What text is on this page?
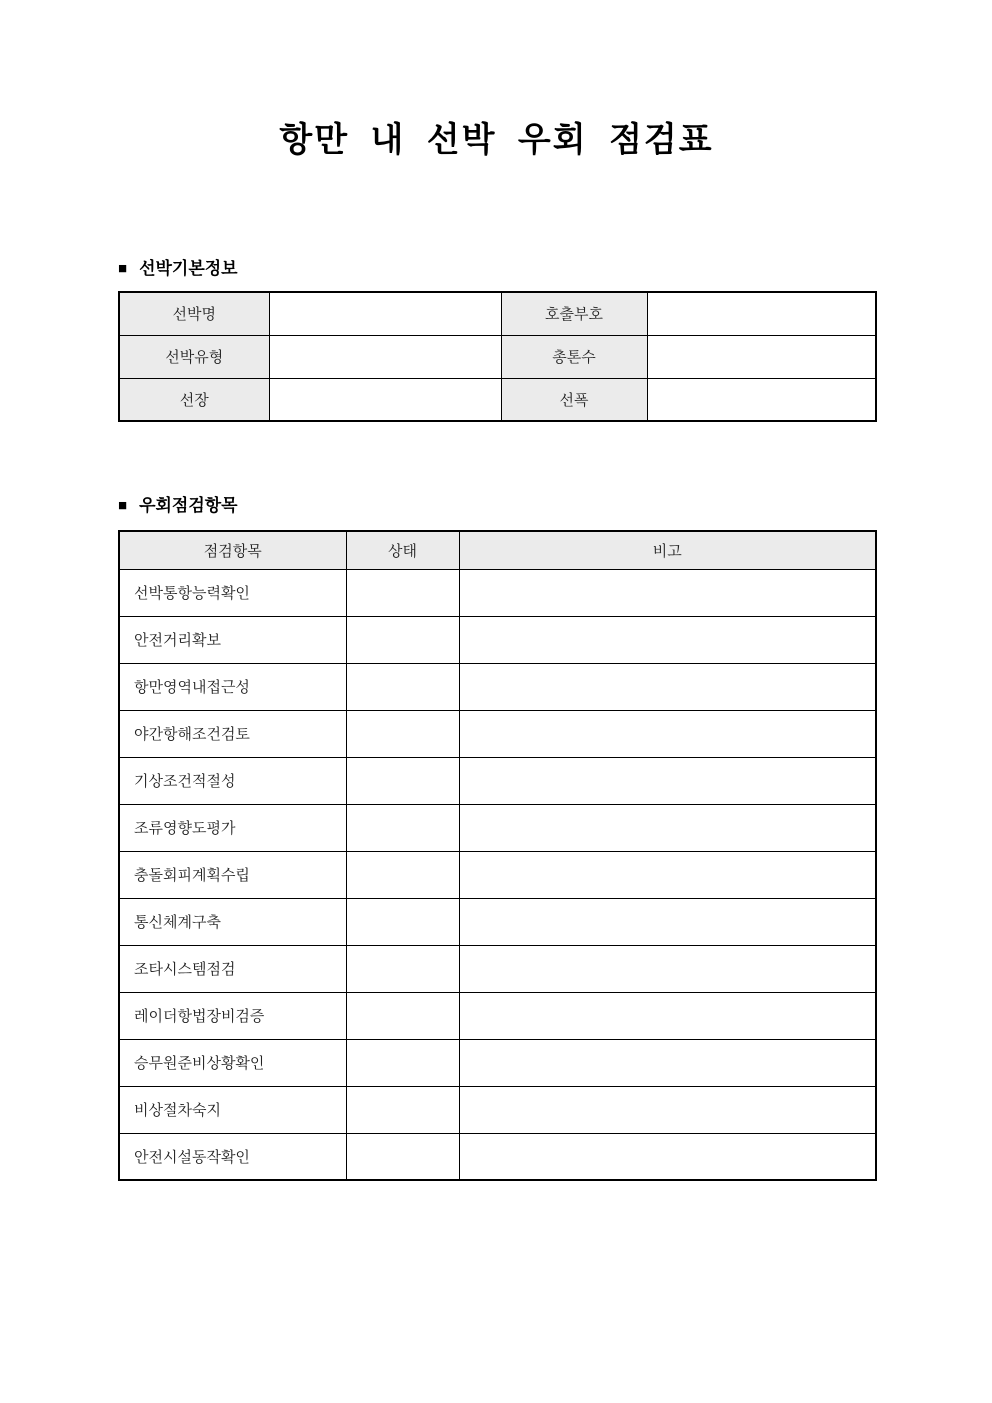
항만 내 선박 우회 점검표
■ 선박기본정보
선박명		호출부호	
선박유형		총톤수	
선장		선폭	
■ 우회점검항목
점검항목	상태	비고
선박통항능력확인		
안전거리확보		
항만영역내접근성		
야간항해조건검토		
기상조건적절성		
조류영향도평가		
충돌회피계획수립		
통신체계구축		
조타시스템점검		
레이더항법장비검증		
승무원준비상황확인		
비상절차숙지		
안전시설동작확인		
